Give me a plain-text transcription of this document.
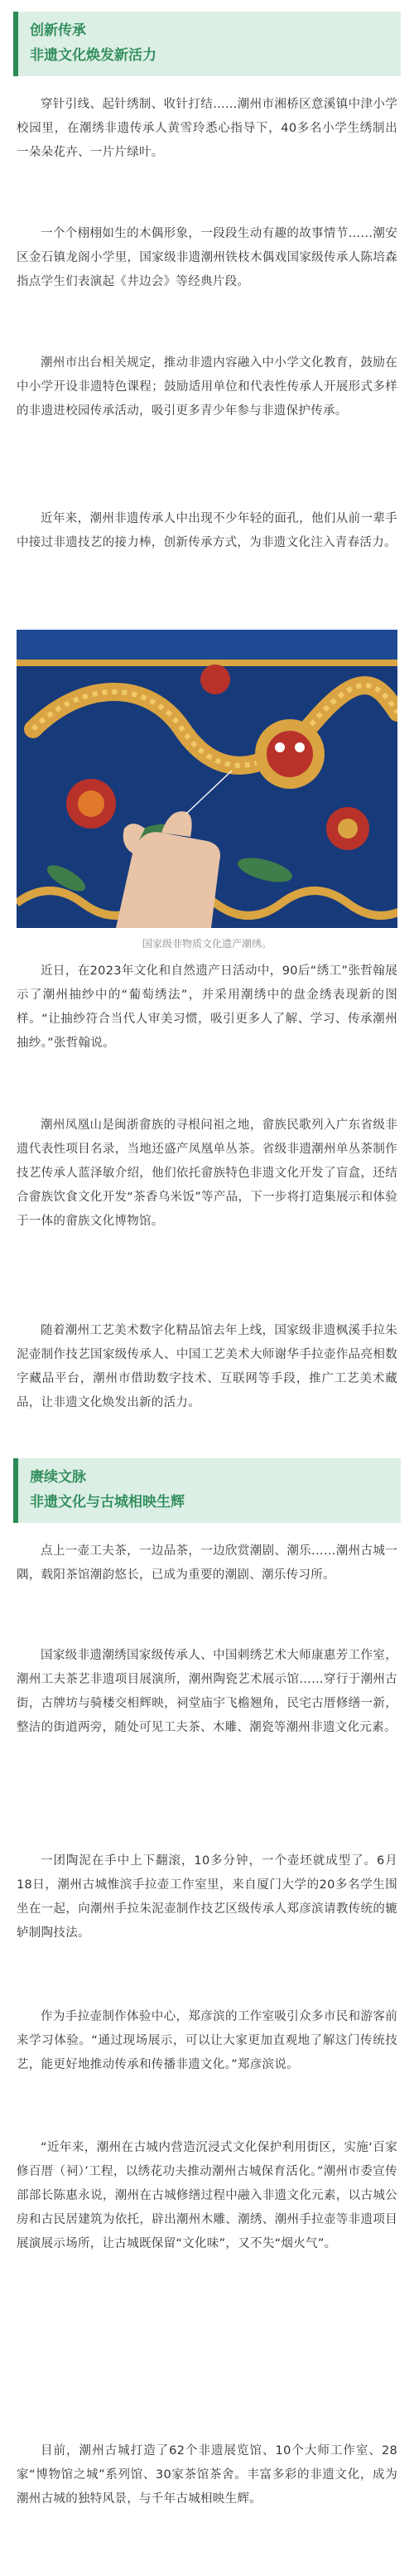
创新传承
非遗文化焕发新活力

穿针引线、起针绣制、收针打结……潮州市湘桥区意溪镇中津小学校园里，在潮绣非遗传承人黄雪玲悉心指导下，40多名小学生绣制出一朵朵花卉、一片片绿叶。

一个个栩栩如生的木偶形象，一段段生动有趣的故事情节……潮安区金石镇龙阁小学里，国家级非遗潮州铁枝木偶戏国家级传承人陈培森指点学生们表演起《井边会》等经典片段。

潮州市出台相关规定，推动非遗内容融入中小学文化教育，鼓励在中小学开设非遗特色课程；鼓励适用单位和代表性传承人开展形式多样的非遗进校园传承活动，吸引更多青少年参与非遗保护传承。

近年来，潮州非遗传承人中出现不少年轻的面孔，他们从前一辈手中接过非遗技艺的接力棒，创新传承方式，为非遗文化注入青春活力。

国家级非物质文化遗产潮绣。

近日，在2023年文化和自然遗产日活动中，90后“绣工”张哲翰展示了潮州抽纱中的“葡萄绣法”，并采用潮绣中的盘金绣表现新的图样。“让抽纱符合当代人审美习惯，吸引更多人了解、学习、传承潮州抽纱。”张哲翰说。

潮州凤凰山是闽浙畲族的寻根问祖之地，畲族民歌列入广东省级非遗代表性项目名录，当地还盛产凤凰单丛茶。省级非遗潮州单丛茶制作技艺传承人蓝泽敏介绍，他们依托畲族特色非遗文化开发了盲盒，还结合畲族饮食文化开发“茶香乌米饭”等产品，下一步将打造集展示和体验于一体的畲族文化博物馆。

随着潮州工艺美术数字化精品馆去年上线，国家级非遗枫溪手拉朱泥壶制作技艺国家级传承人、中国工艺美术大师谢华手拉壶作品亮相数字藏品平台，潮州市借助数字技术、互联网等手段，推广工艺美术藏品，让非遗文化焕发出新的活力。

赓续文脉
非遗文化与古城相映生辉

点上一壶工夫茶，一边品茶，一边欣赏潮剧、潮乐……潮州古城一隅，载阳茶馆潮韵悠长，已成为重要的潮剧、潮乐传习所。

国家级非遗潮绣国家级传承人、中国刺绣艺术大师康惠芳工作室，潮州工夫茶艺非遗项目展演所，潮州陶瓷艺术展示馆……穿行于潮州古街，古牌坊与骑楼交相辉映，祠堂庙宇飞檐翘角，民宅古厝修缮一新，整洁的街道两旁，随处可见工夫茶、木雕、潮瓷等潮州非遗文化元素。

一团陶泥在手中上下翻滚，10多分钟，一个壶坯就成型了。6月18日，潮州古城惟滨手拉壶工作室里，来自厦门大学的20多名学生围坐在一起，向潮州手拉朱泥壶制作技艺区级传承人郑彦滨请教传统的辘轳制陶技法。

作为手拉壶制作体验中心，郑彦滨的工作室吸引众多市民和游客前来学习体验。“通过现场展示，可以让大家更加直观地了解这门传统技艺，能更好地推动传承和传播非遗文化。”郑彦滨说。

“近年来，潮州在古城内营造沉浸式文化保护利用街区，实施‘百家修百厝（祠）’工程，以绣花功夫推动潮州古城保育活化。”潮州市委宣传部部长陈惠永说，潮州在古城修缮过程中融入非遗文化元素，以古城公房和古民居建筑为依托，辟出潮州木雕、潮绣、潮州手拉壶等非遗项目展演展示场所，让古城既保留“文化味”，又不失“烟火气”。

目前，潮州古城打造了62个非遗展览馆、10个大师工作室、28家“博物馆之城”系列馆、30家茶馆茶舍。丰富多彩的非遗文化，成为潮州古城的独特风景，与千年古城相映生辉。
